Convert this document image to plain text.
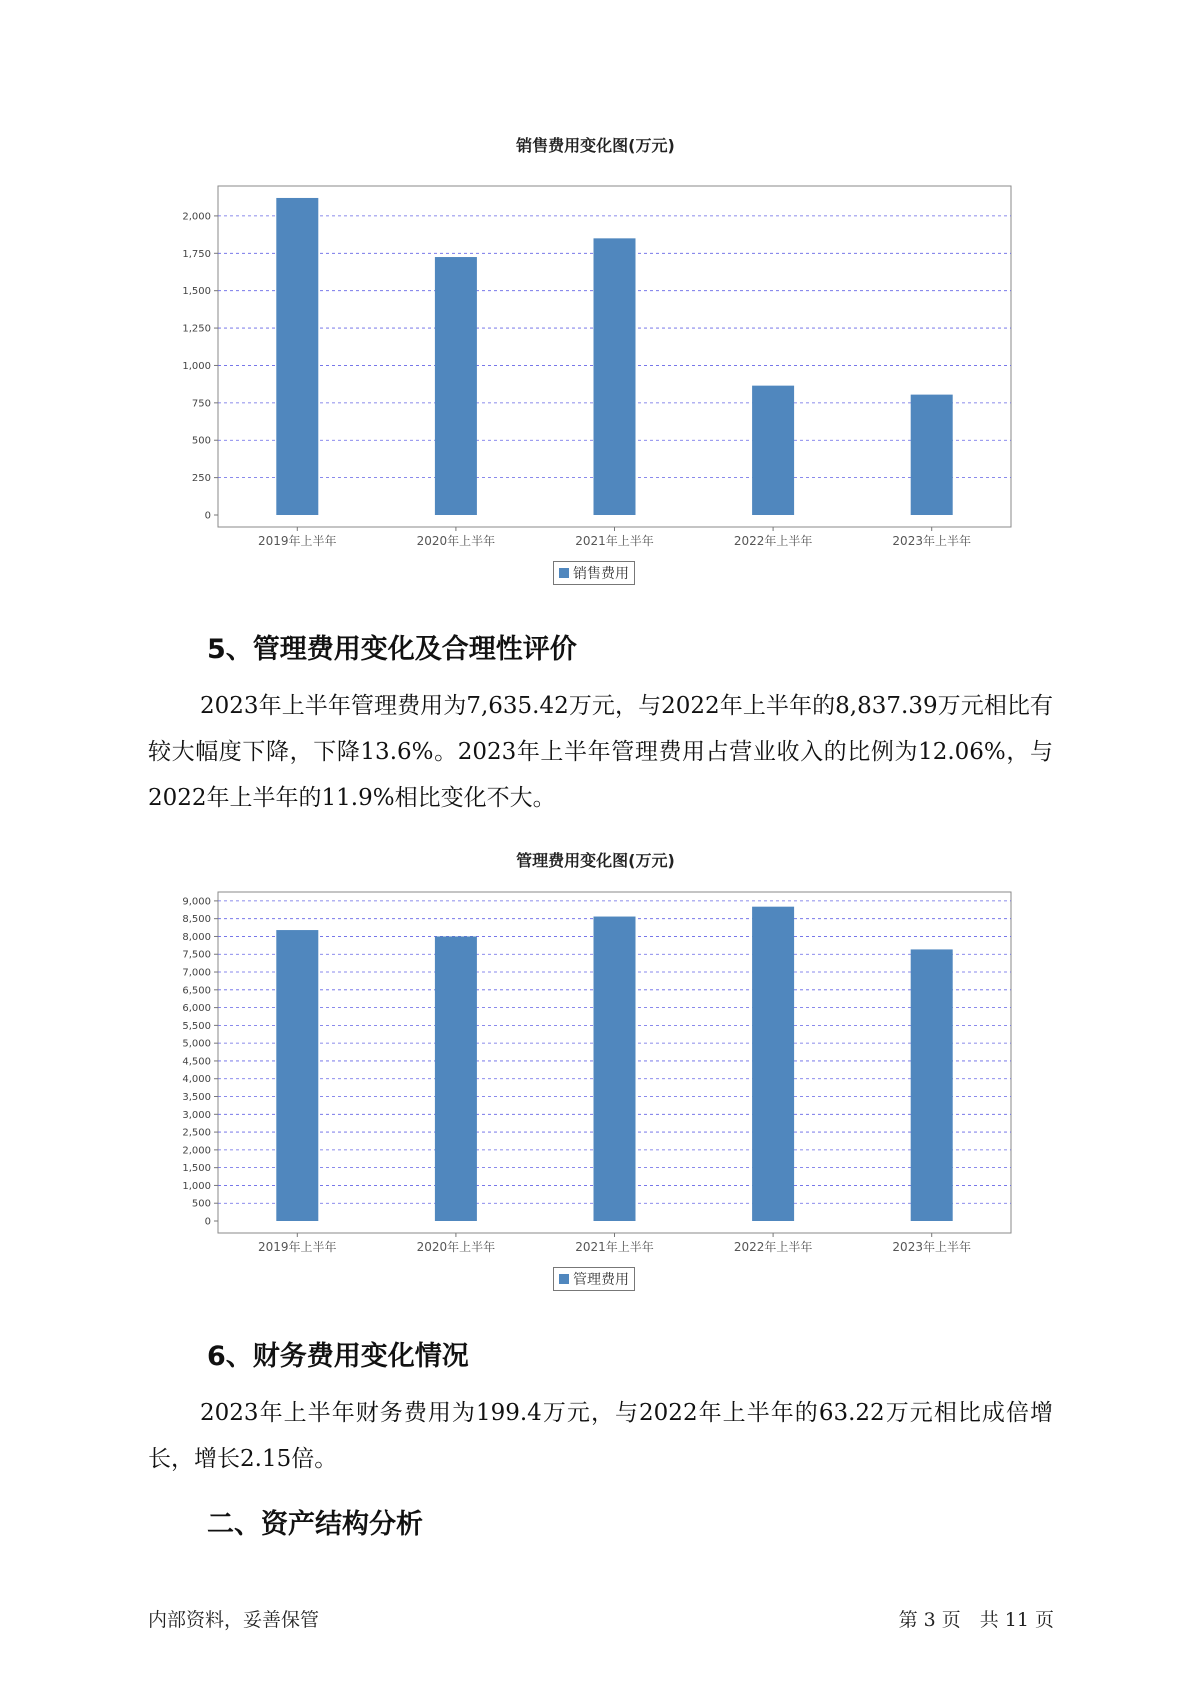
销售费用变化图(万元)
0
250
500
750
1,000
1,250
1,500
1,750
2,000
2019年上半年	2020年上半年	2021年上半年	2022年上半年	2023年上半年
销售费用
5、管理费用变化及合理性评价

2023年上半年管理费用为7,635.42万元，与2022年上半年的8,837.39万元相比有较大幅度下降，下降13.6%。2023年上半年管理费用占营业收入的比例为12.06%，与2022年上半年的11.9%相比变化不大。

管理费用变化图(万元)
0
500
1,000
1,500
2,000
2,500
3,000
3,500
4,000
4,500
5,000
5,500
6,000
6,500
7,000
7,500
8,000
8,500
9,000
2019年上半年	2020年上半年	2021年上半年	2022年上半年	2023年上半年
管理费用
6、财务费用变化情况

2023年上半年财务费用为199.4万元，与2022年上半年的63.22万元相比成倍增长，增长2.15倍。

二、资产结构分析
内部资料，妥善保管	第 3 页　共 11 页
